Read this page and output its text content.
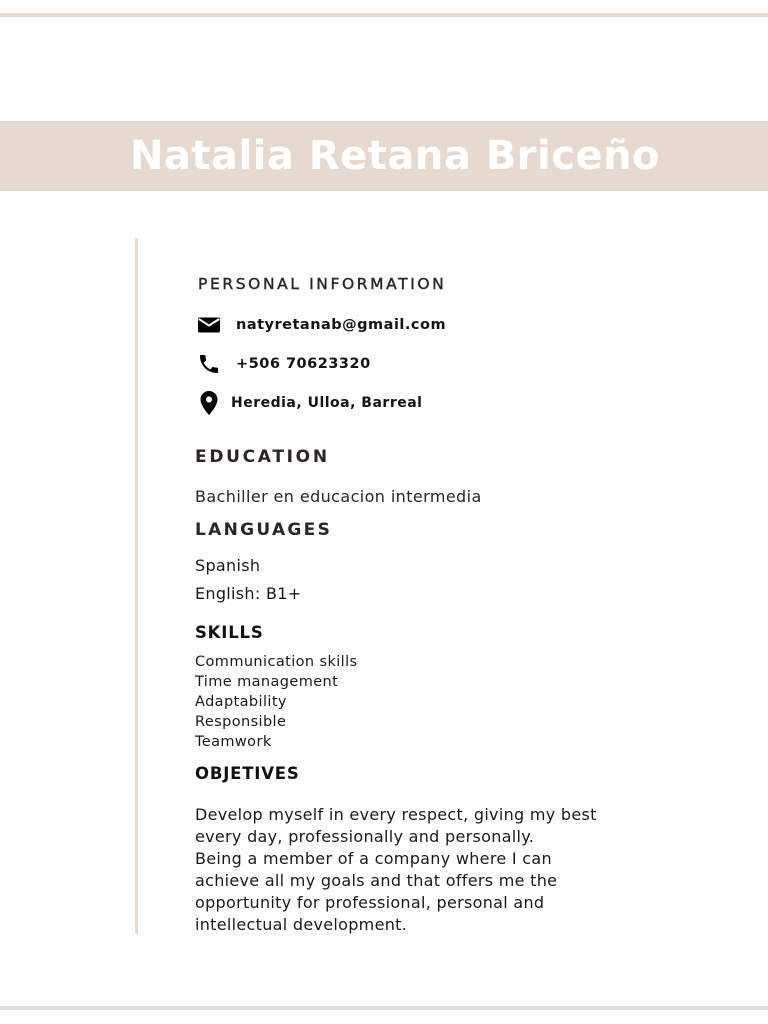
Natalia Retana Briceño
PERSONAL INFORMATION
natyretanab@gmail.com
+506 70623320
Heredia, Ulloa, Barreal
EDUCATION
Bachiller en educacion intermedia
LANGUAGES
Spanish
English: B1+
SKILLS
Communication skills
Time management
Adaptability
Responsible
Teamwork
OBJETIVES
Develop myself in every respect, giving my best
every day, professionally and personally.
Being a member of a company where I can
achieve all my goals and that offers me the
opportunity for professional, personal and
intellectual development.
